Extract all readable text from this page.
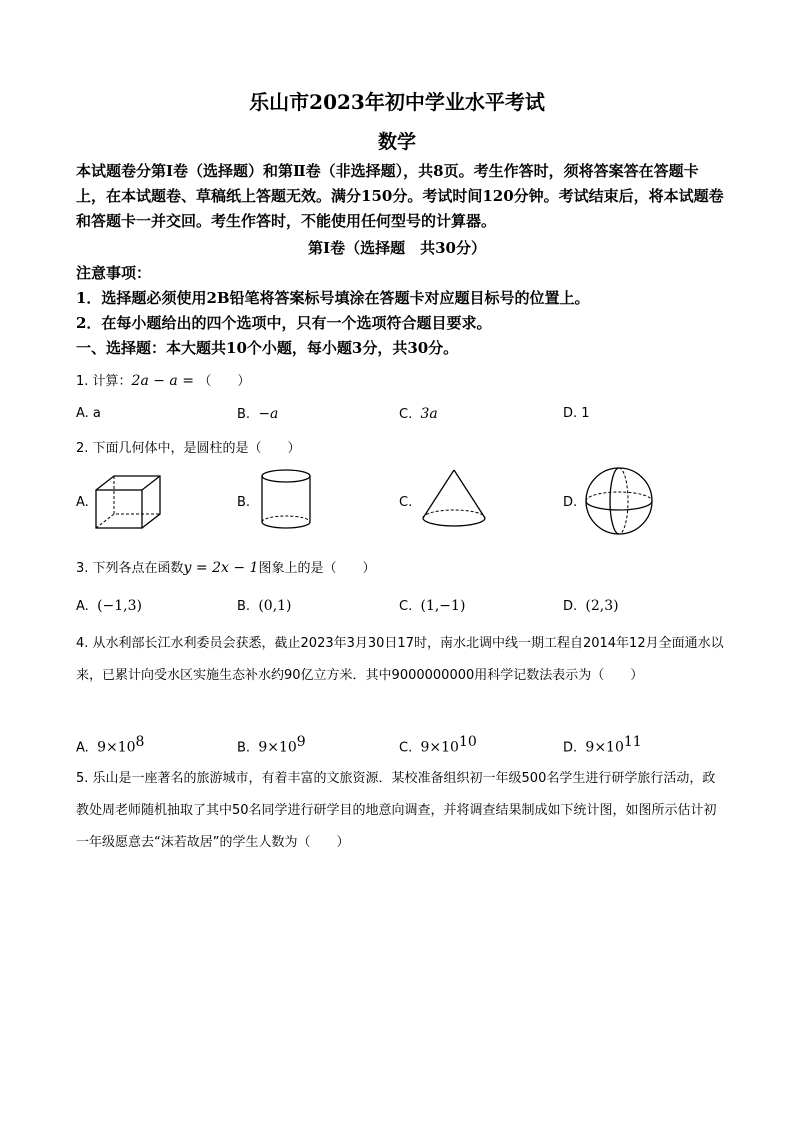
乐山市2023年初中学业水平考试
数学
本试题卷分第Ⅰ卷（选择题）和第Ⅱ卷（非选择题），共8页。考生作答时，须将答案答在答题卡上，在本试题卷、草稿纸上答题无效。满分150分。考试时间120分钟。考试结束后，将本试题卷和答题卡一并交回。考生作答时，不能使用任何型号的计算器。
第Ⅰ卷（选择题　共30分）
注意事项：
1．选择题必须使用2B铅笔将答案标号填涂在答题卡对应题目标号的位置上。
2．在每小题给出的四个选项中，只有一个选项符合题目要求。
一、选择题：本大题共10个小题，每小题3分，共30分。
1. 计算：2a − a = （　　）
A. a	B. −a	C. 3a	D. 1
2. 下面几何体中，是圆柱的是（　　）
A.	B.	C.	D.
3. 下列各点在函数y = 2x − 1图象上的是（　　）
A. (−1,3)	B. (0,1)	C. (1,−1)	D. (2,3)
4. 从水利部长江水利委员会获悉，截止2023年3月30日17时，南水北调中线一期工程自2014年12月全面通水以来，已累计向受水区实施生态补水约90亿立方米．其中9000000000用科学记数法表示为（　　）
A. $9\times 10^8$	B. $9\times 10^9$	C. $9\times 10^{10}$	D. $9\times 10^{11}$
5. 乐山是一座著名的旅游城市，有着丰富的文旅资源．某校准备组织初一年级500名学生进行研学旅行活动，政教处周老师随机抽取了其中50名同学进行研学目的地意向调查，并将调查结果制成如下统计图，如图所示估计初一年级愿意去“沫若故居”的学生人数为（　　）
